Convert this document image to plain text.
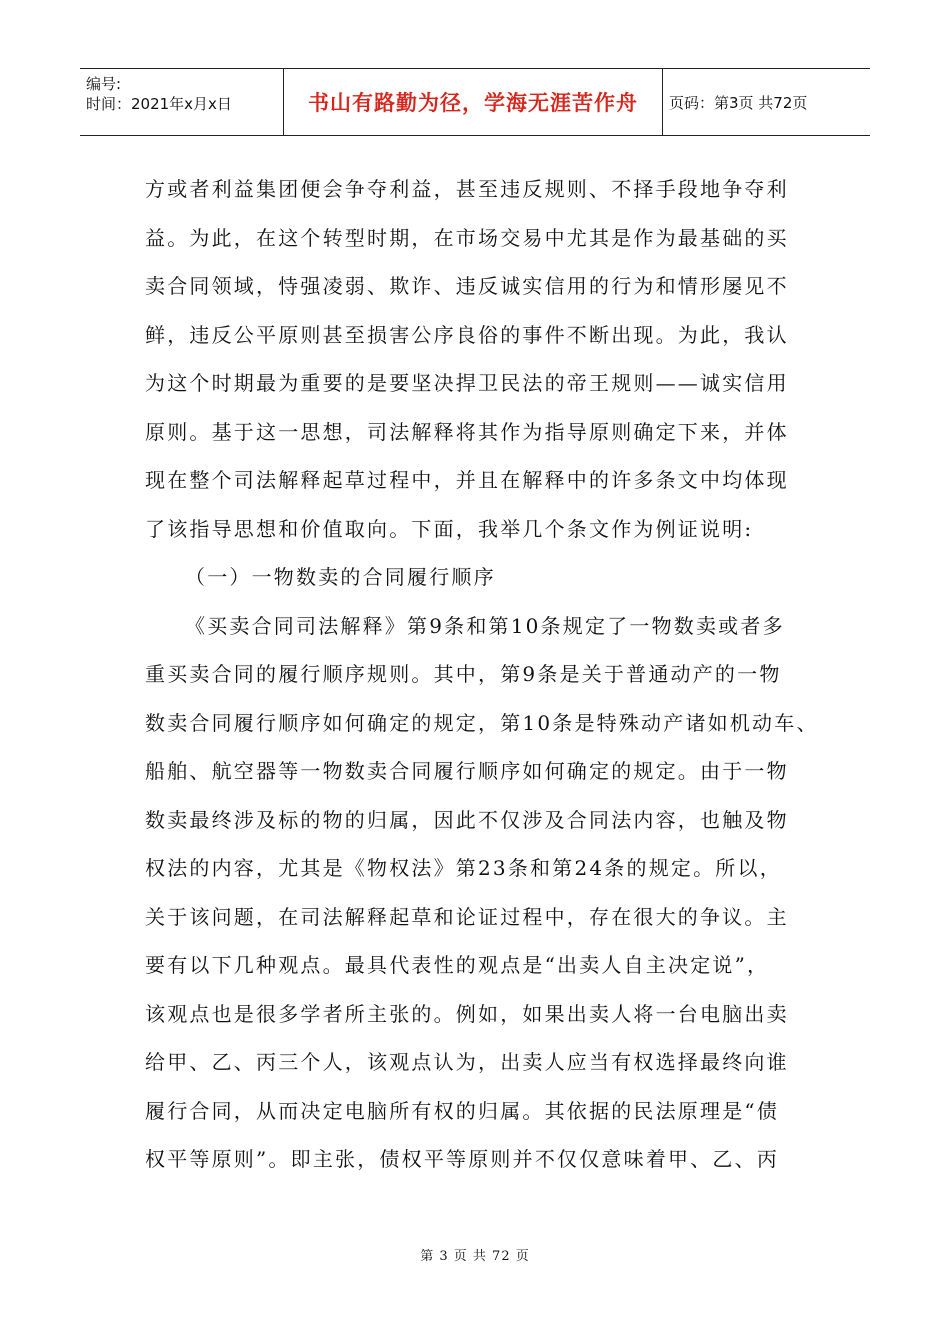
编号:
时间：2021年x月x日	书山有路勤为径，学海无涯苦作舟 页码：第3页 共72页
方或者利益集团便会争夺利益，甚至违反规则、不择手段地争夺利
益。为此，在这个转型时期，在市场交易中尤其是作为最基础的买
卖合同领域，恃强凌弱、欺诈、违反诚实信用的行为和情形屡见不
鲜，违反公平原则甚至损害公序良俗的事件不断出现。为此，我认
为这个时期最为重要的是要坚决捍卫民法的帝王规则——诚实信用
原则。基于这一思想，司法解释将其作为指导原则确定下来，并体
现在整个司法解释起草过程中，并且在解释中的许多条文中均体现
了该指导思想和价值取向。下面，我举几个条文作为例证说明:
（一）一物数卖的合同履行顺序
《买卖合同司法解释》第9条和第10条规定了一物数卖或者多
重买卖合同的履行顺序规则。其中，第9条是关于普通动产的一物
数卖合同履行顺序如何确定的规定，第10条是特殊动产诸如机动车、
船舶、航空器等一物数卖合同履行顺序如何确定的规定。由于一物
数卖最终涉及标的物的归属，因此不仅涉及合同法内容，也触及物
权法的内容，尤其是《物权法》第23条和第24条的规定。所以，
关于该问题，在司法解释起草和论证过程中，存在很大的争议。主
要有以下几种观点。最具代表性的观点是“出卖人自主决定说”，
该观点也是很多学者所主张的。例如，如果出卖人将一台电脑出卖
给甲、乙、丙三个人，该观点认为，出卖人应当有权选择最终向谁
履行合同，从而决定电脑所有权的归属。其依据的民法原理是“债
权平等原则”。即主张，债权平等原则并不仅仅意味着甲、乙、丙
第 3 页 共 72 页
